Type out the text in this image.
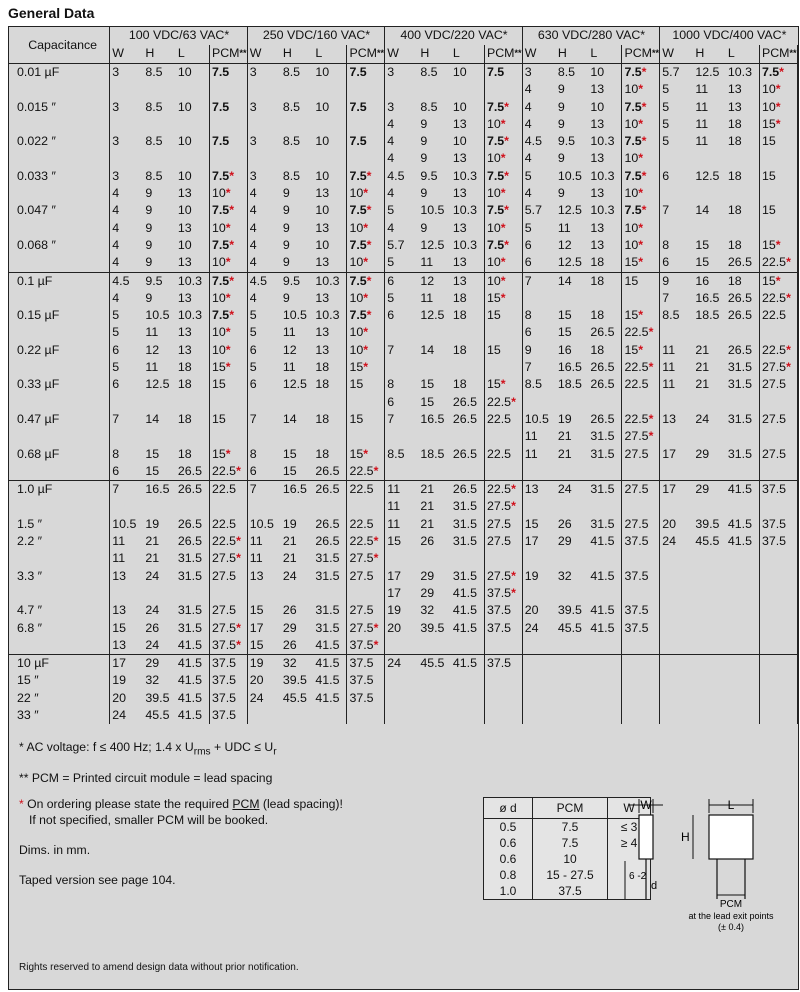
General Data
Capacitance	100 VDC/63 VAC*				250 VDC/160 VAC*				400 VDC/220 VAC*				630 VDC/280 VAC*				1000 VDC/400 VAC*			
	W	H	L	PCM**	W	H	L	PCM**	W	H	L	PCM**	W	H	L	PCM**	W	H	L	PCM**
0.01 µF	3	8.5	10	7.5	3	8.5	10	7.5	3	8.5	10	7.5	3	8.5	10	7.5*	5.7	12.5	10.3	7.5*
													4	9	13	10*	5	11	13	10*
0.015 ″	3	8.5	10	7.5	3	8.5	10	7.5	3	8.5	10	7.5*	4	9	10	7.5*	5	11	13	10*
									4	9	13	10*	4	9	13	10*	5	11	18	15*
0.022 ″	3	8.5	10	7.5	3	8.5	10	7.5	4	9	10	7.5*	4.5	9.5	10.3	7.5*	5	11	18	15
									4	9	13	10*	4	9	13	10*				
0.033 ″	3	8.5	10	7.5*	3	8.5	10	7.5*	4.5	9.5	10.3	7.5*	5	10.5	10.3	7.5*	6	12.5	18	15
	4	9	13	10*	4	9	13	10*	4	9	13	10*	4	9	13	10*				
0.047 ″	4	9	10	7.5*	4	9	10	7.5*	5	10.5	10.3	7.5*	5.7	12.5	10.3	7.5*	7	14	18	15
	4	9	13	10*	4	9	13	10*	4	9	13	10*	5	11	13	10*				
0.068 ″	4	9	10	7.5*	4	9	10	7.5*	5.7	12.5	10.3	7.5*	6	12	13	10*	8	15	18	15*
	4	9	13	10*	4	9	13	10*	5	11	13	10*	6	12.5	18	15*	6	15	26.5	22.5*
0.1 µF	4.5	9.5	10.3	7.5*	4.5	9.5	10.3	7.5*	6	12	13	10*	7	14	18	15	9	16	18	15*
	4	9	13	10*	4	9	13	10*	5	11	18	15*					7	16.5	26.5	22.5*
0.15 µF	5	10.5	10.3	7.5*	5	10.5	10.3	7.5*	6	12.5	18	15	8	15	18	15*	8.5	18.5	26.5	22.5
	5	11	13	10*	5	11	13	10*					6	15	26.5	22.5*				
0.22 µF	6	12	13	10*	6	12	13	10*	7	14	18	15	9	16	18	15*	11	21	26.5	22.5*
	5	11	18	15*	5	11	18	15*					7	16.5	26.5	22.5*	11	21	31.5	27.5*
0.33 µF	6	12.5	18	15	6	12.5	18	15	8	15	18	15*	8.5	18.5	26.5	22.5	11	21	31.5	27.5
									6	15	26.5	22.5*								
0.47 µF	7	14	18	15	7	14	18	15	7	16.5	26.5	22.5	10.5	19	26.5	22.5*	13	24	31.5	27.5
													11	21	31.5	27.5*				
0.68 µF	8	15	18	15*	8	15	18	15*	8.5	18.5	26.5	22.5	11	21	31.5	27.5	17	29	31.5	27.5
	6	15	26.5	22.5*	6	15	26.5	22.5*												
1.0 µF	7	16.5	26.5	22.5	7	16.5	26.5	22.5	11	21	26.5	22.5*	13	24	31.5	27.5	17	29	41.5	37.5
									11	21	31.5	27.5*								
1.5 ″	10.5	19	26.5	22.5	10.5	19	26.5	22.5	11	21	31.5	27.5	15	26	31.5	27.5	20	39.5	41.5	37.5
2.2 ″	11	21	26.5	22.5*	11	21	26.5	22.5*	15	26	31.5	27.5	17	29	41.5	37.5	24	45.5	41.5	37.5
	11	21	31.5	27.5*	11	21	31.5	27.5*												
3.3 ″	13	24	31.5	27.5	13	24	31.5	27.5	17	29	31.5	27.5*	19	32	41.5	37.5				
									17	29	41.5	37.5*								
4.7 ″	13	24	31.5	27.5	15	26	31.5	27.5	19	32	41.5	37.5	20	39.5	41.5	37.5				
6.8 ″	15	26	31.5	27.5*	17	29	31.5	27.5*	20	39.5	41.5	37.5	24	45.5	41.5	37.5				
	13	24	41.5	37.5*	15	26	41.5	37.5*												
10 µF	17	29	41.5	37.5	19	32	41.5	37.5	24	45.5	41.5	37.5								
15 ″	19	32	41.5	37.5	20	39.5	41.5	37.5												
22 ″	20	39.5	41.5	37.5	24	45.5	41.5	37.5												
33 ″	24	45.5	41.5	37.5																

* AC voltage: f ≤ 400 Hz; 1.4 x $U_{rms}$ + UDC ≤ $U_r$

** PCM = Printed circuit module = lead spacing

* On ordering please state the required PCM (lead spacing)!
If not specified, smaller PCM will be booked.

Dims. in mm.

Taped version see page 104.

ø d	PCM	W
0.5	7.5	≤ 3
0.6	7.5	≥ 4
0.6	10	
0.8	15 - 27.5	
1.0	37.5	
W
6 -2
d
L
H
PCM
at the lead exit points
(± 0.4)
Rights reserved to amend design data without prior notification.
